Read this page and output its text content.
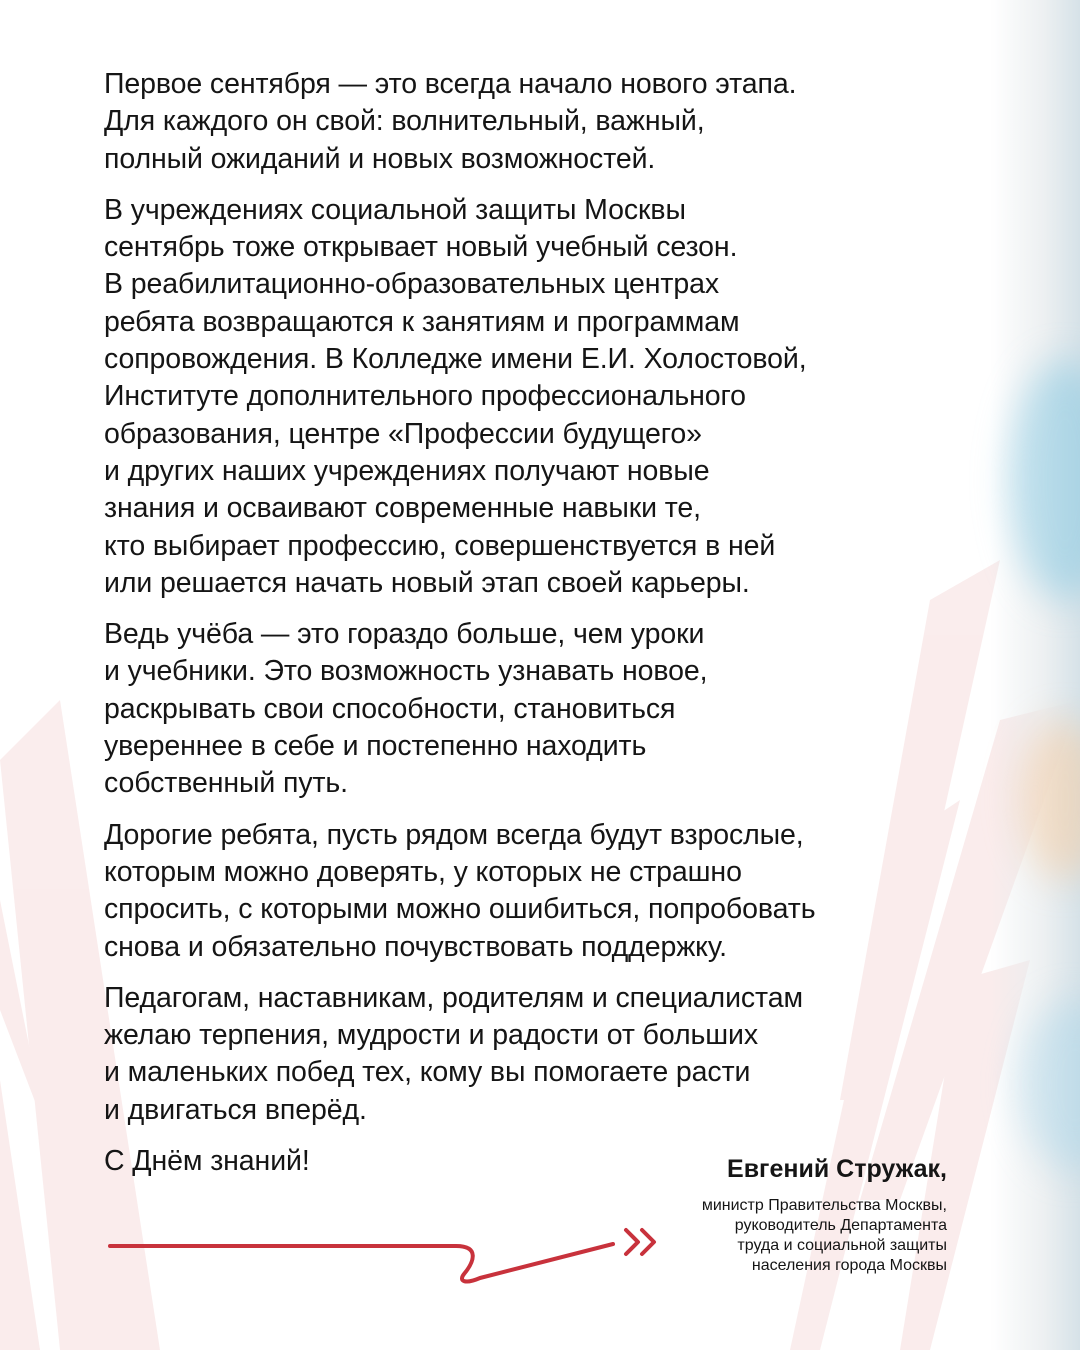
Первое сентября — это всегда начало нового этапа.
Для каждого он свой: волнительный, важный,
полный ожиданий и новых возможностей.

В учреждениях социальной защиты Москвы
сентябрь тоже открывает новый учебный сезон.
В реабилитационно-образовательных центрах
ребята возвращаются к занятиям и программам
сопровождения. В Колледже имени Е.И. Холостовой,
Институте дополнительного профессионального
образования, центре «Профессии будущего»
и других наших учреждениях получают новые
знания и осваивают современные навыки те,
кто выбирает профессию, совершенствуется в ней
или решается начать новый этап своей карьеры.

Ведь учёба — это гораздо больше, чем уроки
и учебники. Это возможность узнавать новое,
раскрывать свои способности, становиться
увереннее в себе и постепенно находить
собственный путь.

Дорогие ребята, пусть рядом всегда будут взрослые,
которым можно доверять, у которых не страшно
спросить, с которыми можно ошибиться, попробовать
снова и обязательно почувствовать поддержку.

Педагогам, наставникам, родителям и специалистам
желаю терпения, мудрости и радости от больших
и маленьких побед тех, кому вы помогаете расти
и двигаться вперёд.

С Днём знаний!	Евгений Стружак,

министр Правительства Москвы,
руководитель Департамента
труда и социальной защиты
населения города Москвы
